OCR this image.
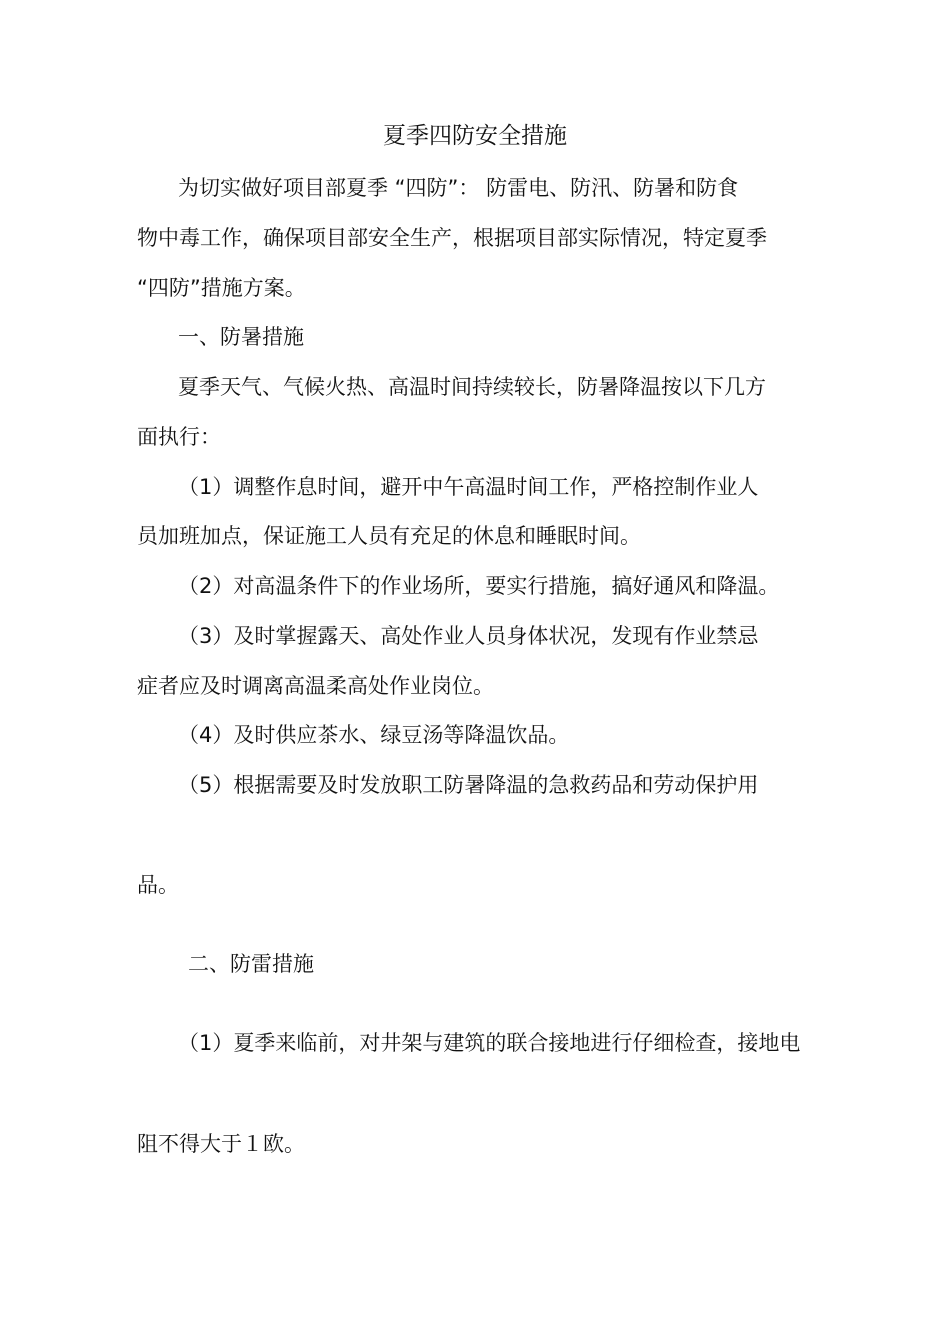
夏季四防安全措施
为切实做好项目部夏季 “四防”： 防雷电、防汛、防暑和防食
物中毒工作，确保项目部安全生产，根据项目部实际情况，特定夏季
“四防”措施方案。
一、防暑措施
夏季天气、气候火热、高温时间持续较长，防暑降温按以下几方
面执行：
（1）调整作息时间，避开中午高温时间工作，严格控制作业人
员加班加点，保证施工人员有充足的休息和睡眠时间。
（2）对高温条件下的作业场所，要实行措施，搞好通风和降温。
（3）及时掌握露天、高处作业人员身体状况，发现有作业禁忌
症者应及时调离高温柔高处作业岗位。
（4）及时供应茶水、绿豆汤等降温饮品。
（5）根据需要及时发放职工防暑降温的急救药品和劳动保护用
品。
二、防雷措施
（1）夏季来临前，对井架与建筑的联合接地进行仔细检查，接地电
阻不得大于１欧。
